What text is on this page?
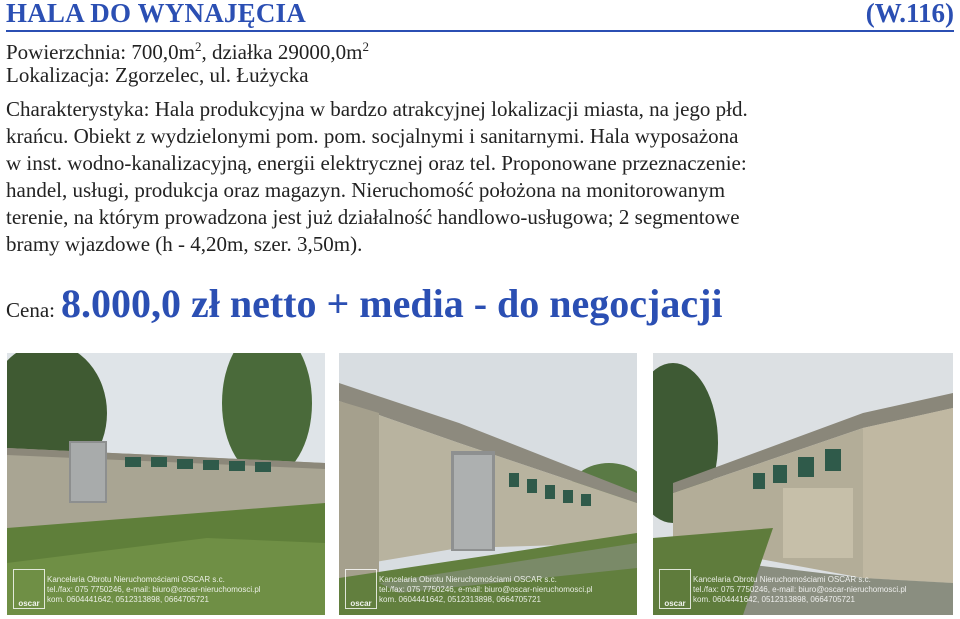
HALA DO WYNAJĘCIA	(W.116)
Powierzchnia: $700,0m^2$, działka $29000,0m^2$
Lokalizacja: Zgorzelec, ul. Łużycka

Charakterystyka: Hala produkcyjna w bardzo atrakcyjnej lokalizacji miasta, na jego płd.

krańcu. Obiekt z wydzielonymi pom. pom. socjalnymi i sanitarnymi. Hala wyposażona

w inst. wodno-kanalizacyjną, energii elektrycznej oraz tel. Proponowane przeznaczenie:

handel, usługi, produkcja oraz magazyn. Nieruchomość położona na monitorowanym

terenie, na którym prowadzona jest już działalność handlowo-usługowa; 2 segmentowe

bramy wjazdowe (h - 4,20m, szer. 3,50m).

Cena: 8.000,0 zł netto + media - do negocjacji
oscar
Kancelaria Obrotu Nieruchomościami OSCAR s.c.
tel./fax: 075 7750246, e-mail: biuro@oscar-nieruchomosci.pl
kom. 0604441642, 0512313898, 0664705721	oscar
Kancelaria Obrotu Nieruchomościami OSCAR s.c.
tel./fax: 075 7750246, e-mail: biuro@oscar-nieruchomosci.pl
kom. 0604441642, 0512313898, 0664705721	oscar
Kancelaria Obrotu Nieruchomościami OSCAR s.c.
tel./fax: 075 7750246, e-mail: biuro@oscar-nieruchomosci.pl
kom. 0604441642, 0512313898, 0664705721
